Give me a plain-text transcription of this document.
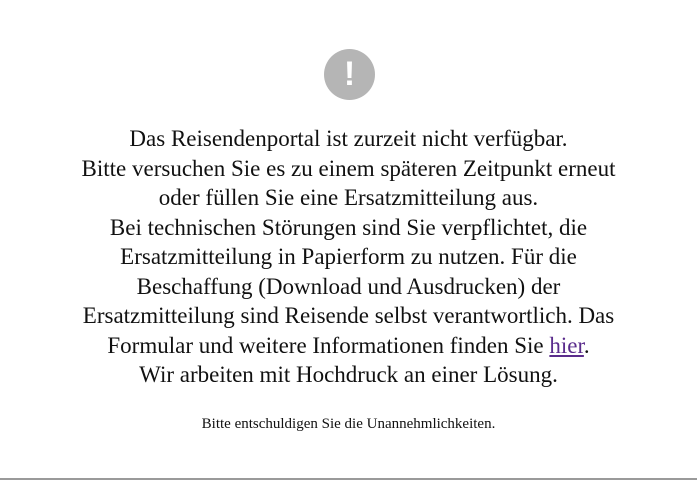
!
Das Reisendenportal ist zurzeit nicht verfügbar.
Bitte versuchen Sie es zu einem späteren Zeitpunkt erneut
oder füllen Sie eine Ersatzmitteilung aus.
Bei technischen Störungen sind Sie verpflichtet, die
Ersatzmitteilung in Papierform zu nutzen. Für die
Beschaffung (Download und Ausdrucken) der
Ersatzmitteilung sind Reisende selbst verantwortlich. Das
Formular und weitere Informationen finden Sie hier.
Wir arbeiten mit Hochdruck an einer Lösung.
Bitte entschuldigen Sie die Unannehmlichkeiten.
